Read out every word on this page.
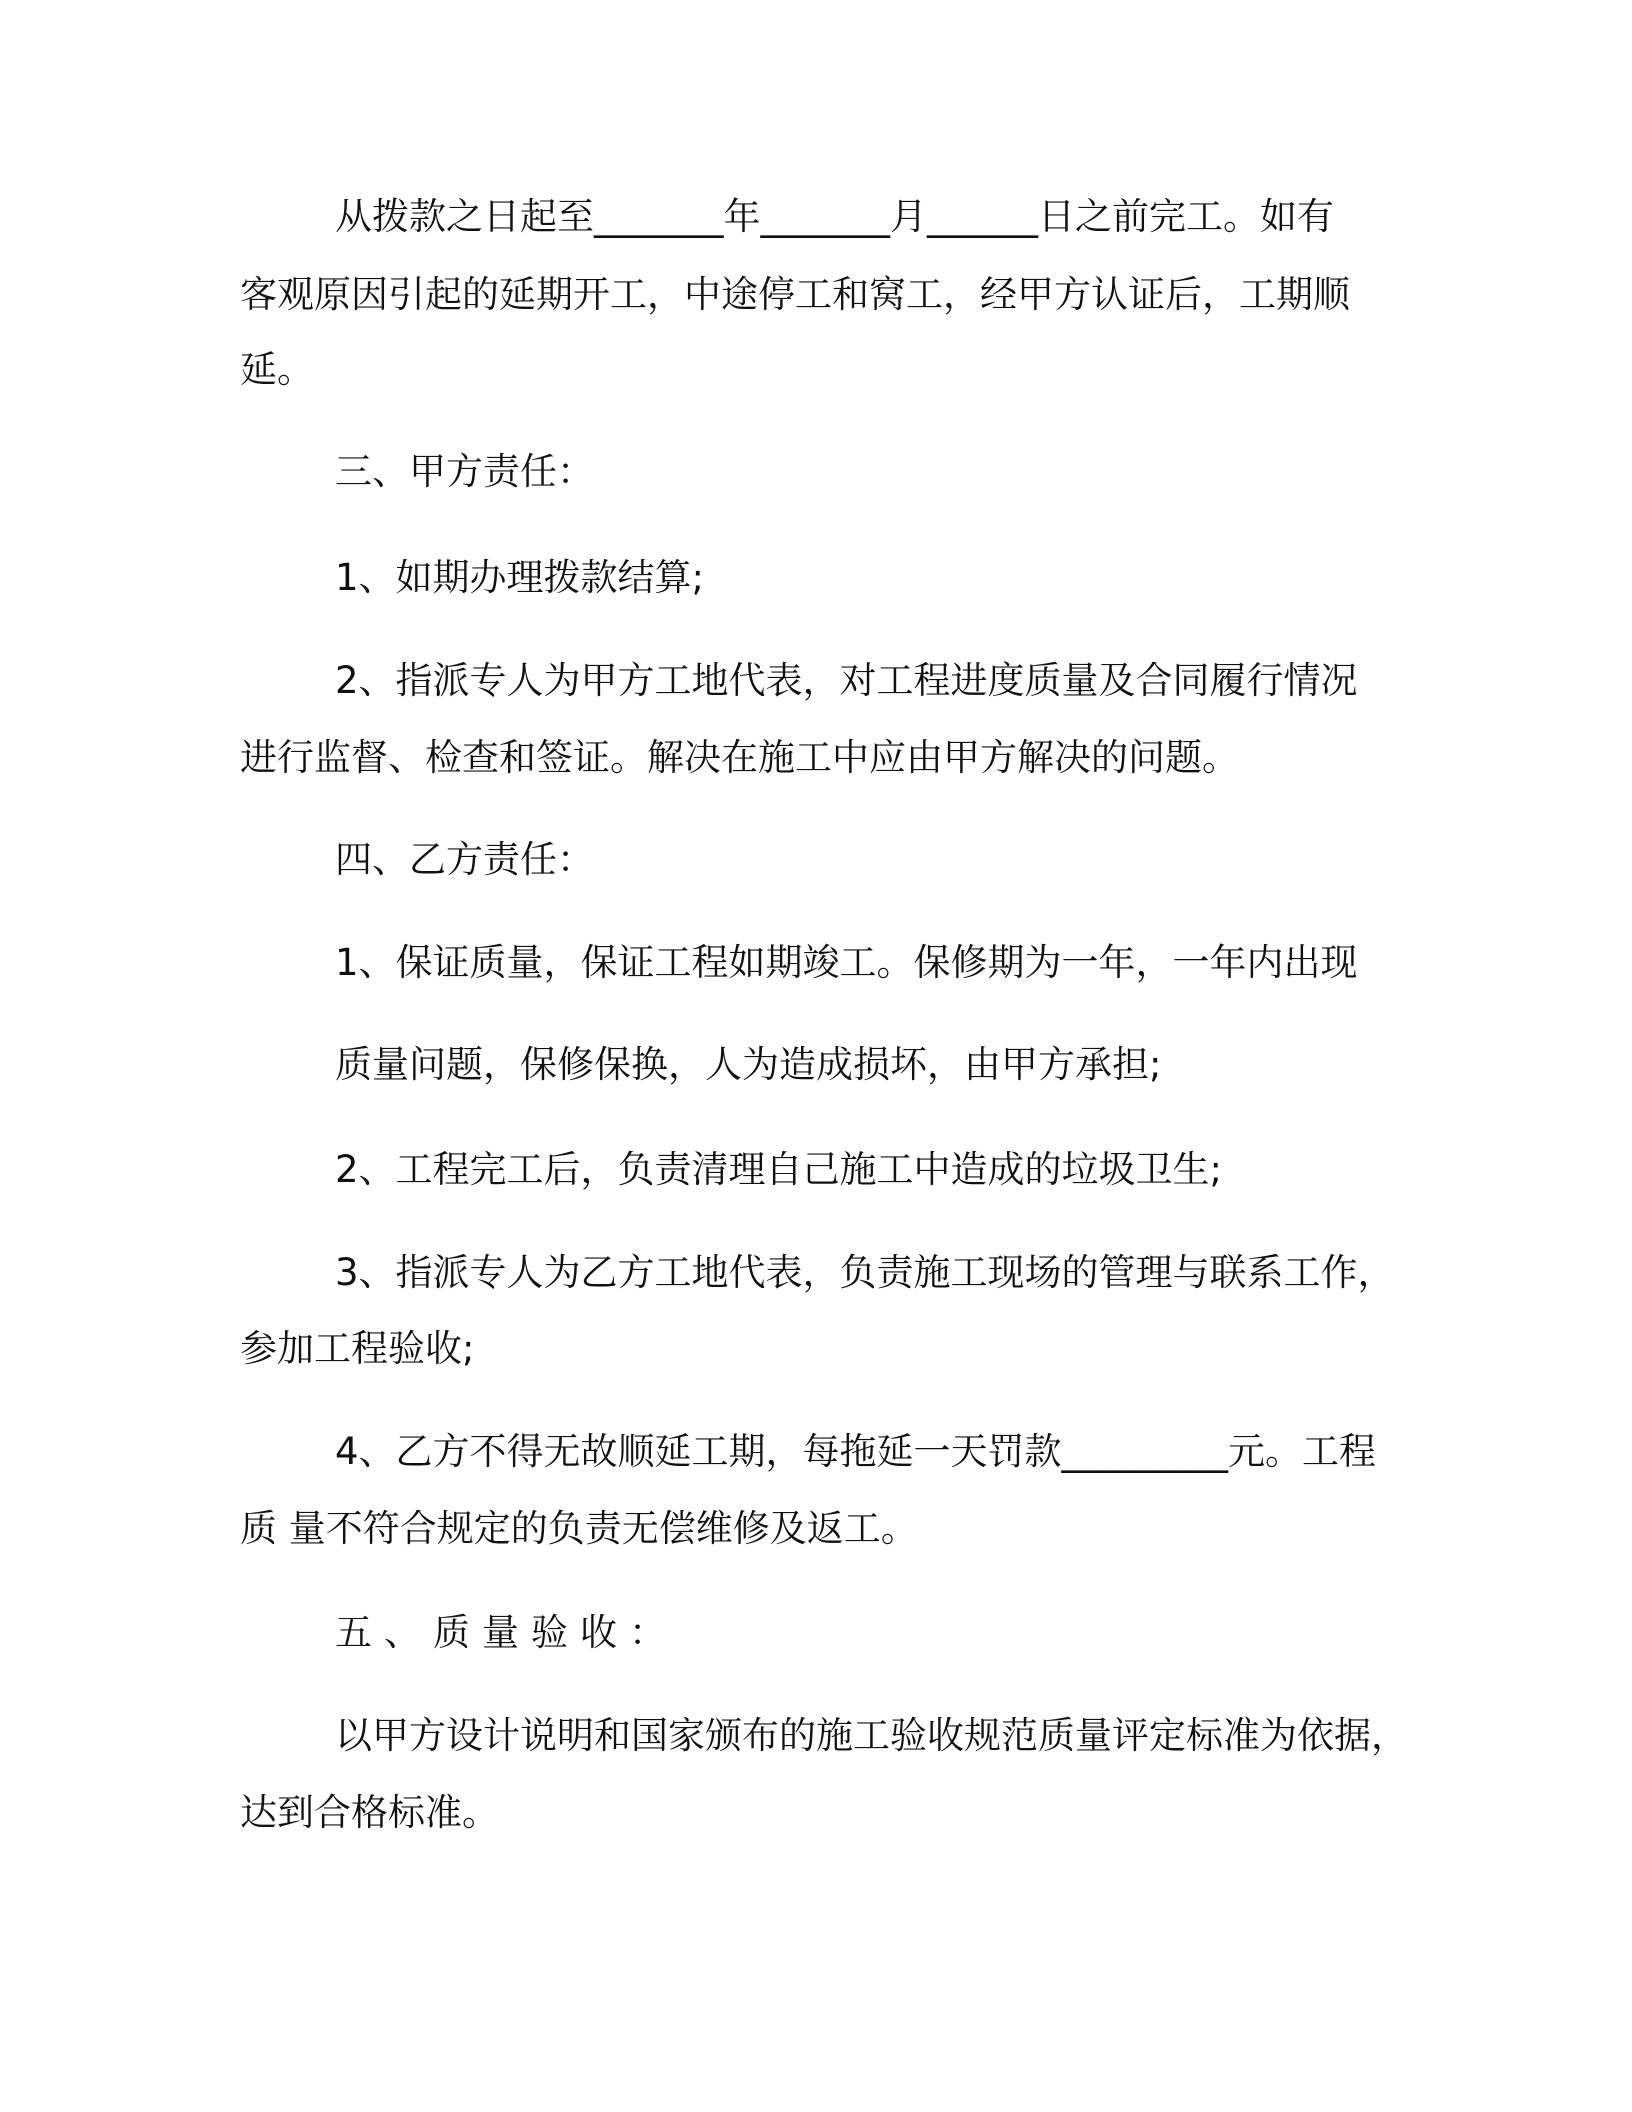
从拨款之日起至_______年_______月______日之前完工。如有
客观原因引起的延期开工，中途停工和窝工，经甲方认证后，工期顺
延。
三、甲方责任：
1、如期办理拨款结算;
2、指派专人为甲方工地代表，对工程进度质量及合同履行情况
进行监督、检查和签证。解决在施工中应由甲方解决的问题。
四、乙方责任：
1、保证质量，保证工程如期竣工。保修期为一年，一年内出现
质量问题，保修保换，人为造成损坏，由甲方承担;
2、工程完工后，负责清理自己施工中造成的垃圾卫生;
3、指派专人为乙方工地代表，负责施工现场的管理与联系工作，
参加工程验收;
4、乙方不得无故顺延工期，每拖延一天罚款_________元。工程
质 量不符合规定的负责无偿维修及返工。
五、质量验收：
以甲方设计说明和国家颁布的施工验收规范质量评定标准为依据，
达到合格标准。
